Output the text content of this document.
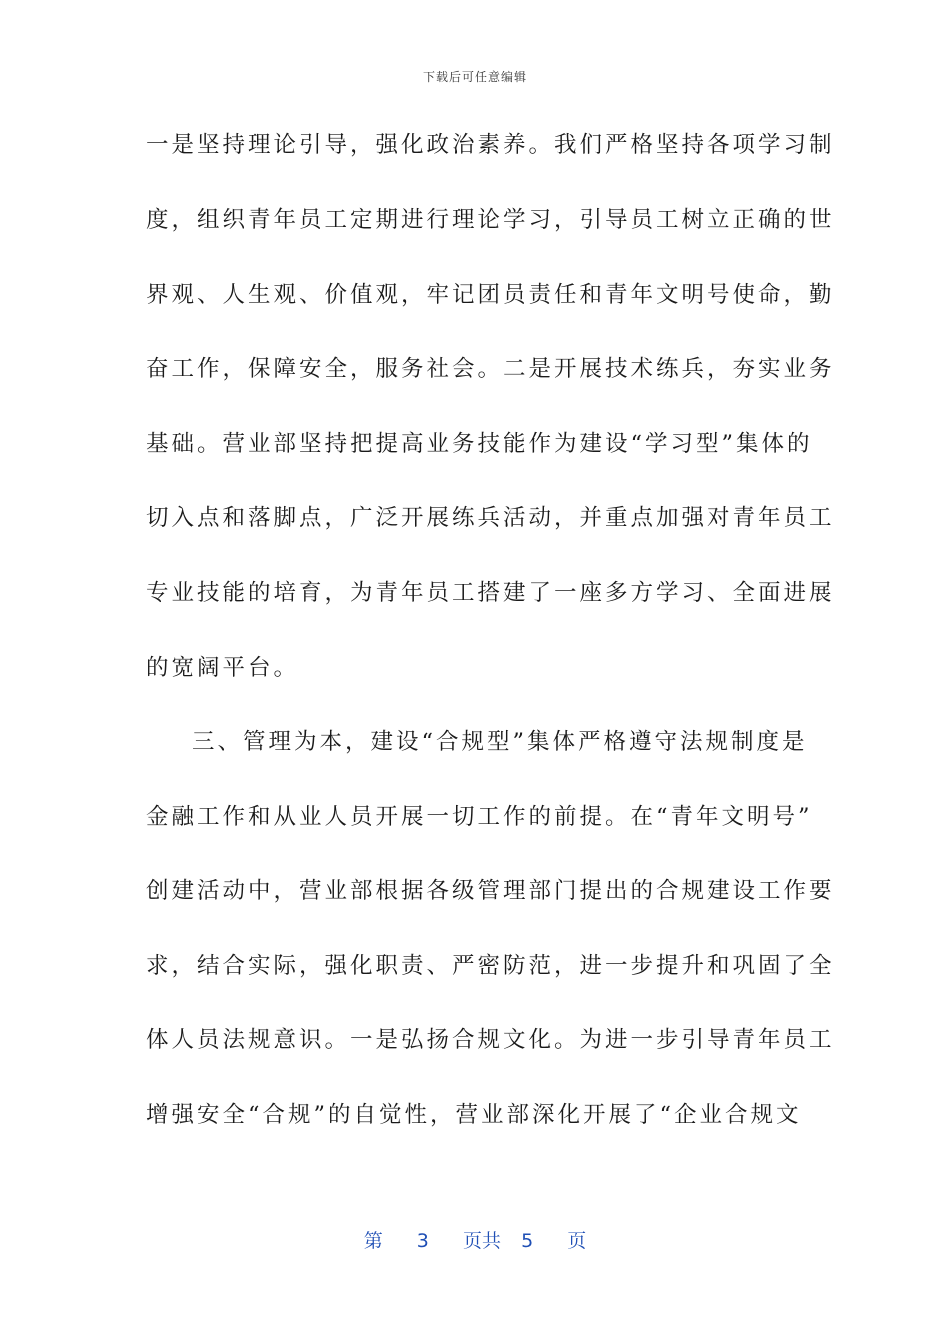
下载后可任意编辑
一是坚持理论引导，强化政治素养。我们严格坚持各项学习制
度，组织青年员工定期进行理论学习，引导员工树立正确的世
界观、人生观、价值观，牢记团员责任和青年文明号使命，勤
奋工作，保障安全，服务社会。二是开展技术练兵，夯实业务
基础。营业部坚持把提高业务技能作为建设“学习型”集体的
切入点和落脚点，广泛开展练兵活动，并重点加强对青年员工
专业技能的培育，为青年员工搭建了一座多方学习、全面进展
的宽阔平台。
三、管理为本，建设“合规型”集体严格遵守法规制度是
金融工作和从业人员开展一切工作的前提。在“青年文明号”
创建活动中，营业部根据各级管理部门提出的合规建设工作要
求，结合实际，强化职责、严密防范，进一步提升和巩固了全
体人员法规意识。一是弘扬合规文化。为进一步引导青年员工
增强安全“合规”的自觉性，营业部深化开展了“企业合规文
第 3 页共 5 页
